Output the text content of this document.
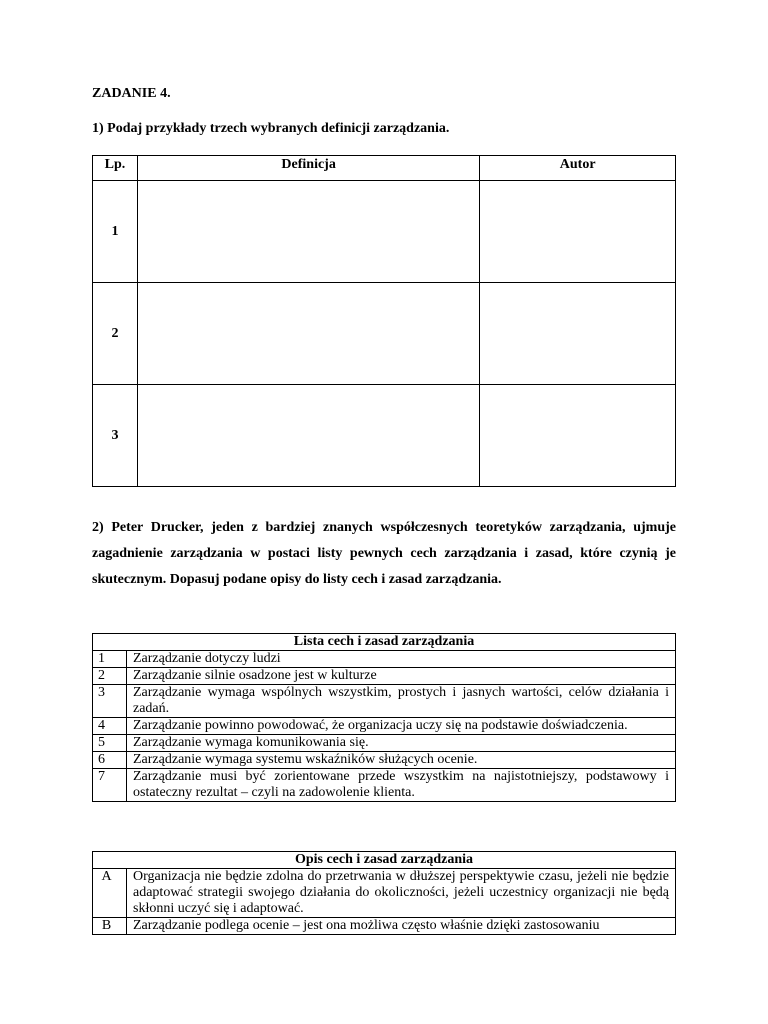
ZADANIE 4.
1) Podaj przykłady trzech wybranych definicji zarządzania.
Lp.	Definicja	Autor
1		
2		
3		
2) Peter Drucker, jeden z bardziej znanych współczesnych teoretyków zarządzania, ujmuje zagadnienie zarządzania w postaci listy pewnych cech zarządzania i zasad, które czynią je skutecznym. Dopasuj podane opisy do listy cech i zasad zarządzania.
Lista cech i zasad zarządzania	
1	Zarządzanie dotyczy ludzi
2	Zarządzanie silnie osadzone jest w kulturze
3	Zarządzanie wymaga wspólnych wszystkim, prostych i jasnych wartości, celów działania i zadań.
4	Zarządzanie powinno powodować, że organizacja uczy się na podstawie doświadczenia.
5	Zarządzanie wymaga komunikowania się.
6	Zarządzanie wymaga systemu wskaźników służących ocenie.
7	Zarządzanie musi być zorientowane przede wszystkim na najistotniejszy, podstawowy i ostateczny rezultat – czyli na zadowolenie klienta.
Opis cech i zasad zarządzania	
A	Organizacja nie będzie zdolna do przetrwania w dłuższej perspektywie czasu, jeżeli nie będzie adaptować strategii swojego działania do okoliczności, jeżeli uczestnicy organizacji nie będą skłonni uczyć się i adaptować.
B	Zarządzanie podlega ocenie – jest ona możliwa często właśnie dzięki zastosowaniu
